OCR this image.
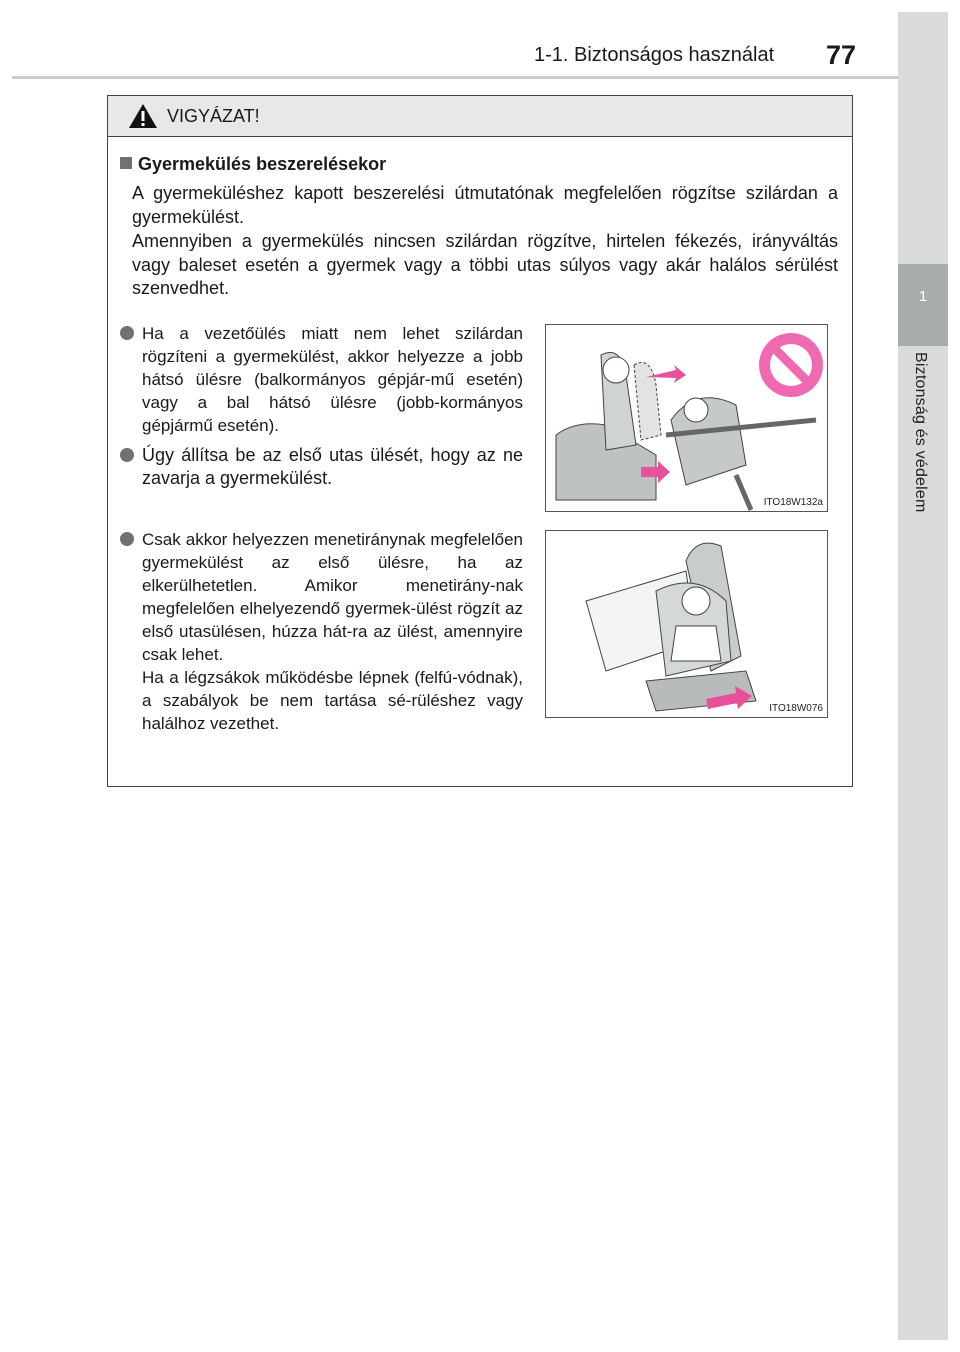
1-1. Biztonságos használat 77
1
Biztonság és védelem
VIGYÁZAT!
Gyermekülés beszerelésekor
A gyermeküléshez kapott beszerelési útmutatónak megfelelően rögzítse szilárdan a gyermekülést.
Amennyiben a gyermekülés nincsen szilárdan rögzítve, hirtelen fékezés, irányváltás vagy baleset esetén a gyermek vagy a többi utas súlyos vagy akár halálos sérülést szenvedhet.

Ha a vezetőülés miatt nem lehet szilárdan rögzíteni a gyermekülést, akkor helyezze a jobb hátsó ülésre (balkormányos gépjár-mű esetén) vagy a bal hátsó ülésre (jobb-kormányos gépjármű esetén).

Úgy állítsa be az első utas ülését, hogy az ne zavarja a gyermekülést.

Csak akkor helyezzen menetiránynak megfelelően gyermekülést az első ülésre, ha az elkerülhetetlen. Amikor menetirány-nak megfelelően elhelyezendő gyermek-ülést rögzít az első utasülésen, húzza hát-ra az ülést, amennyire csak lehet.
Ha a légzsákok működésbe lépnek (felfú-vódnak), a szabályok be nem tartása sé-rüléshez vagy halálhoz vezethet.

ITO18W132a
ITO18W076
